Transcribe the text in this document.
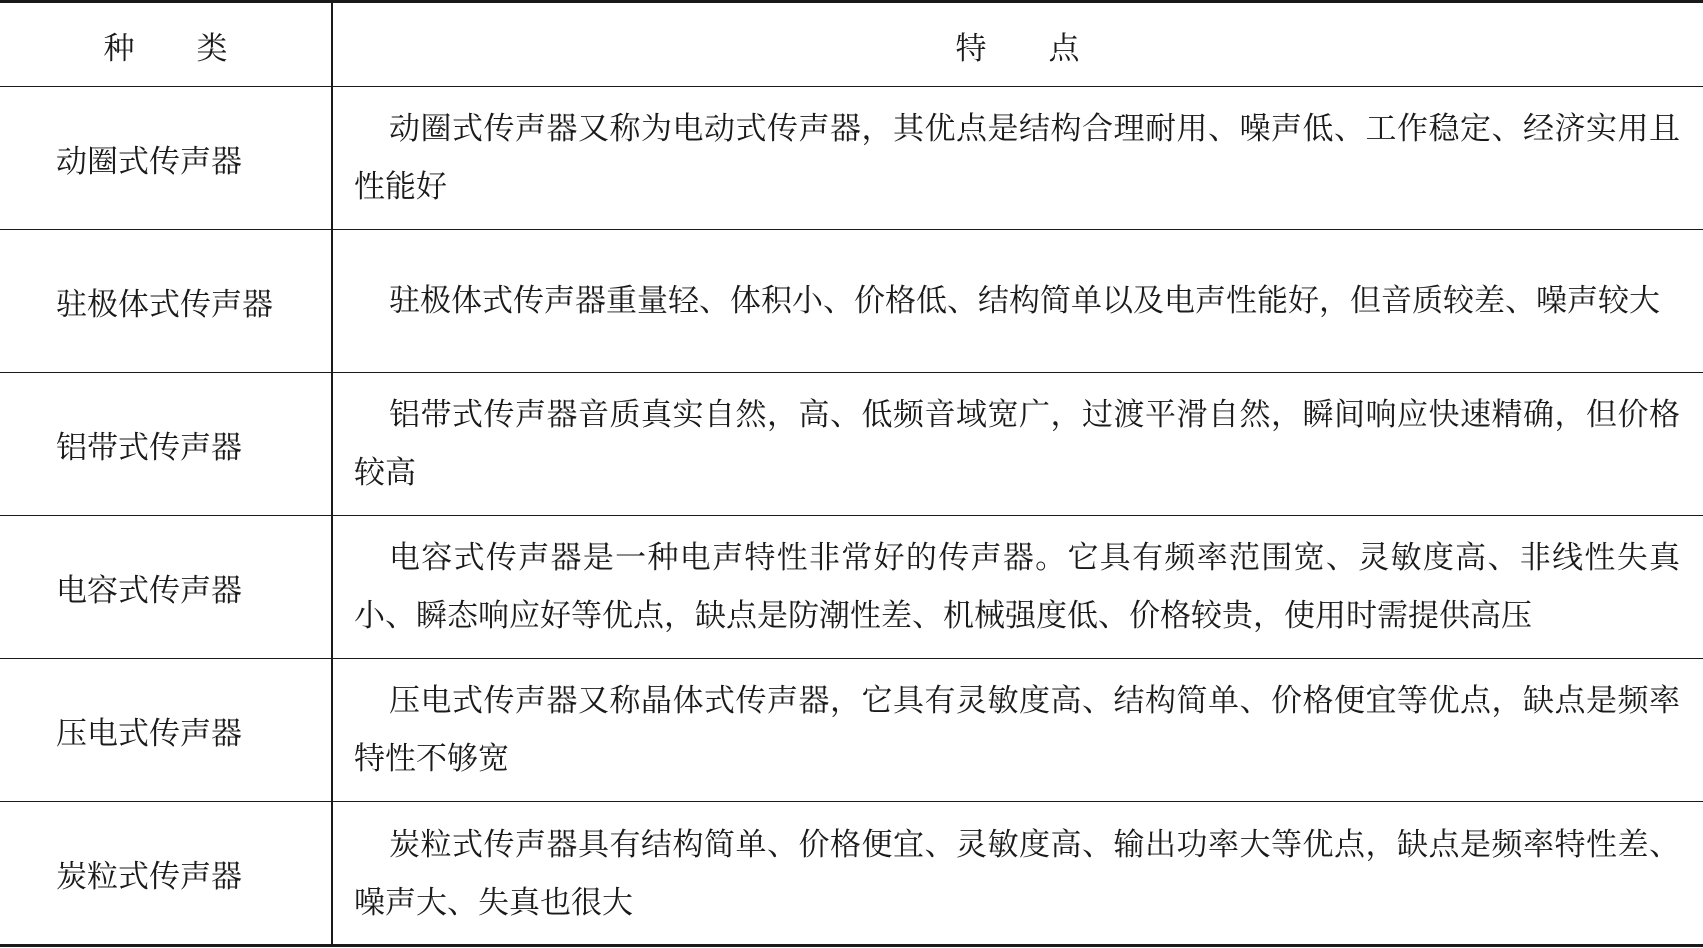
种类	特点
动圈式传声器

动圈式传声器又称为电动式传声器，其优点是结构合理耐用、噪声低、工作稳定、经济实用且性能好

驻极体式传声器	驻极体式传声器重量轻、体积小、价格低、结构简单以及电声性能好，但音质较差、噪声较大

铝带式传声器

铝带式传声器音质真实自然，高、低频音域宽广，过渡平滑自然，瞬间响应快速精确，但价格较高

电容式传声器

电容式传声器是一种电声特性非常好的传声器。它具有频率范围宽、灵敏度高、非线性失真小、瞬态响应好等优点，缺点是防潮性差、机械强度低、价格较贵，使用时需提供高压

压电式传声器

压电式传声器又称晶体式传声器，它具有灵敏度高、结构简单、价格便宜等优点，缺点是频率特性不够宽

炭粒式传声器

炭粒式传声器具有结构简单、价格便宜、灵敏度高、输出功率大等优点，缺点是频率特性差、噪声大、失真也很大
